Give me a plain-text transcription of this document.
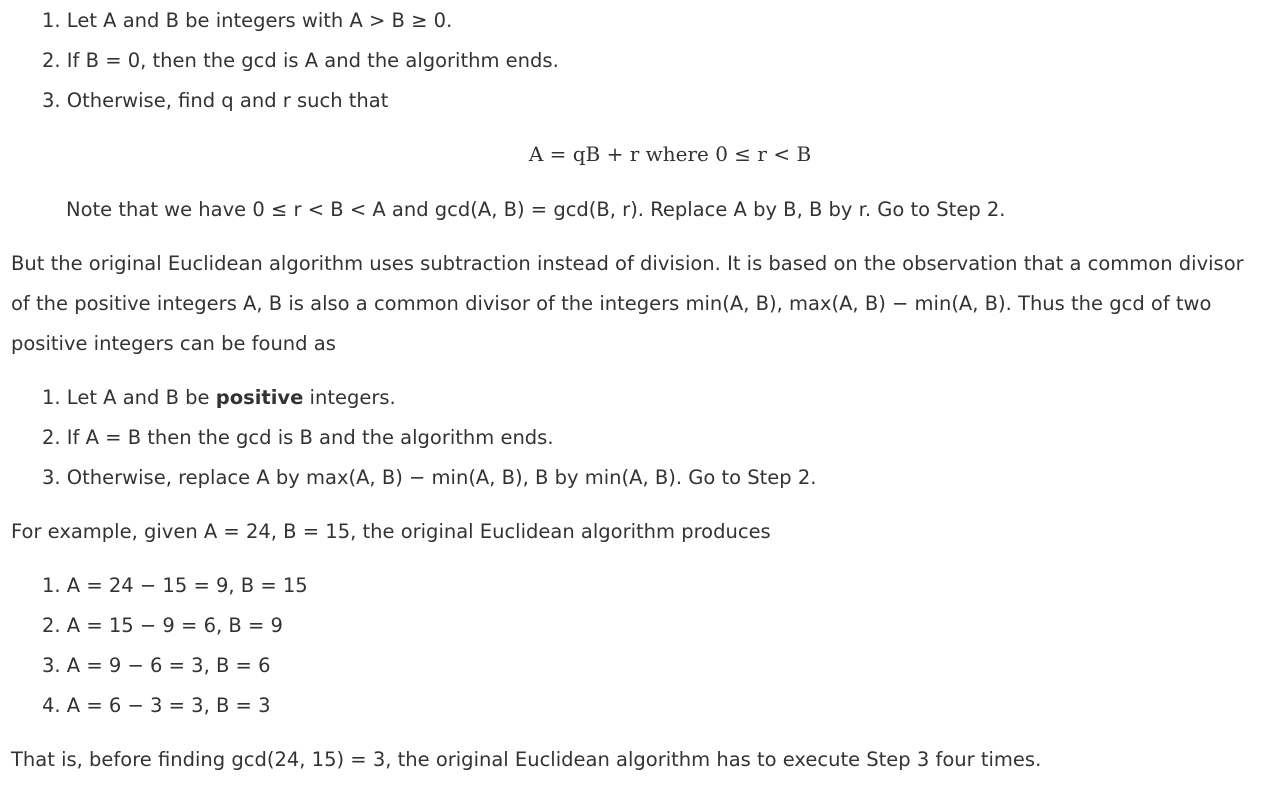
1. Let A and B be integers with A > B ≥ 0.
2. If B = 0, then the gcd is A and the algorithm ends.
3. Otherwise, find q and r such that
A = qB + r where 0 ≤ r < B
Note that we have 0 ≤ r < B < A and gcd(A, B) = gcd(B, r). Replace A by B, B by r. Go to Step 2.
But the original Euclidean algorithm uses subtraction instead of division. It is based on the observation that a common divisor
of the positive integers A, B is also a common divisor of the integers min(A, B), max(A, B) − min(A, B). Thus the gcd of two
positive integers can be found as
1. Let A and B be positive integers.
2. If A = B then the gcd is B and the algorithm ends.
3. Otherwise, replace A by max(A, B) − min(A, B), B by min(A, B). Go to Step 2.
For example, given A = 24, B = 15, the original Euclidean algorithm produces
1. A = 24 − 15 = 9, B = 15
2. A = 15 − 9 = 6, B = 9
3. A = 9 − 6 = 3, B = 6
4. A = 6 − 3 = 3, B = 3
That is, before finding gcd(24, 15) = 3, the original Euclidean algorithm has to execute Step 3 four times.
